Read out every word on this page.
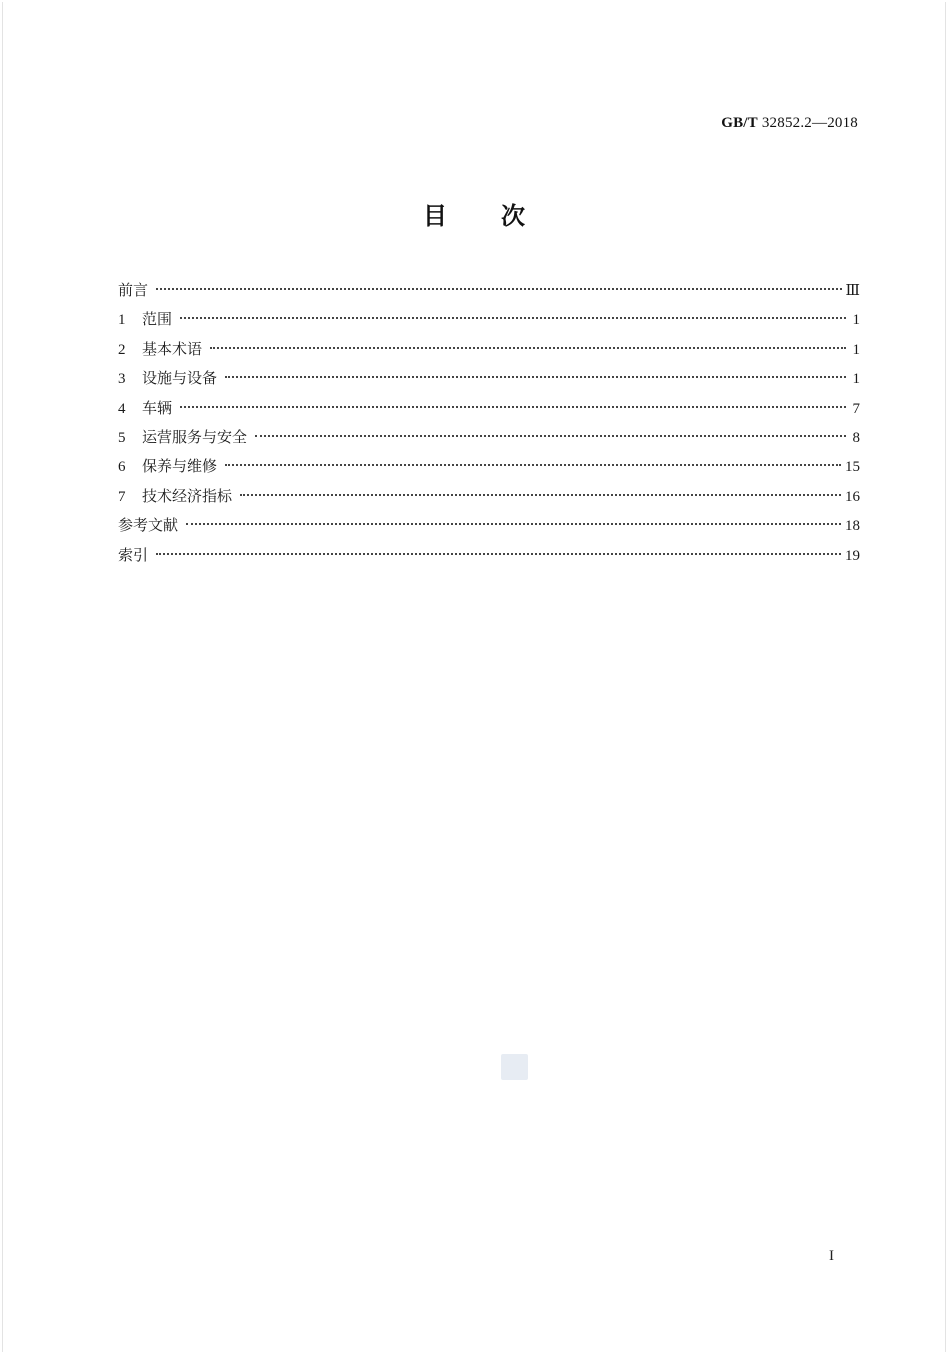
GB/T 32852.2—2018
目 次
前言	Ⅲ
1	范围	1
2	基本术语	1
3	设施与设备	1
4	车辆	7
5	运营服务与安全	8
6	保养与维修	15
7	技术经济指标	16
参考文献	18
索引	19
I
